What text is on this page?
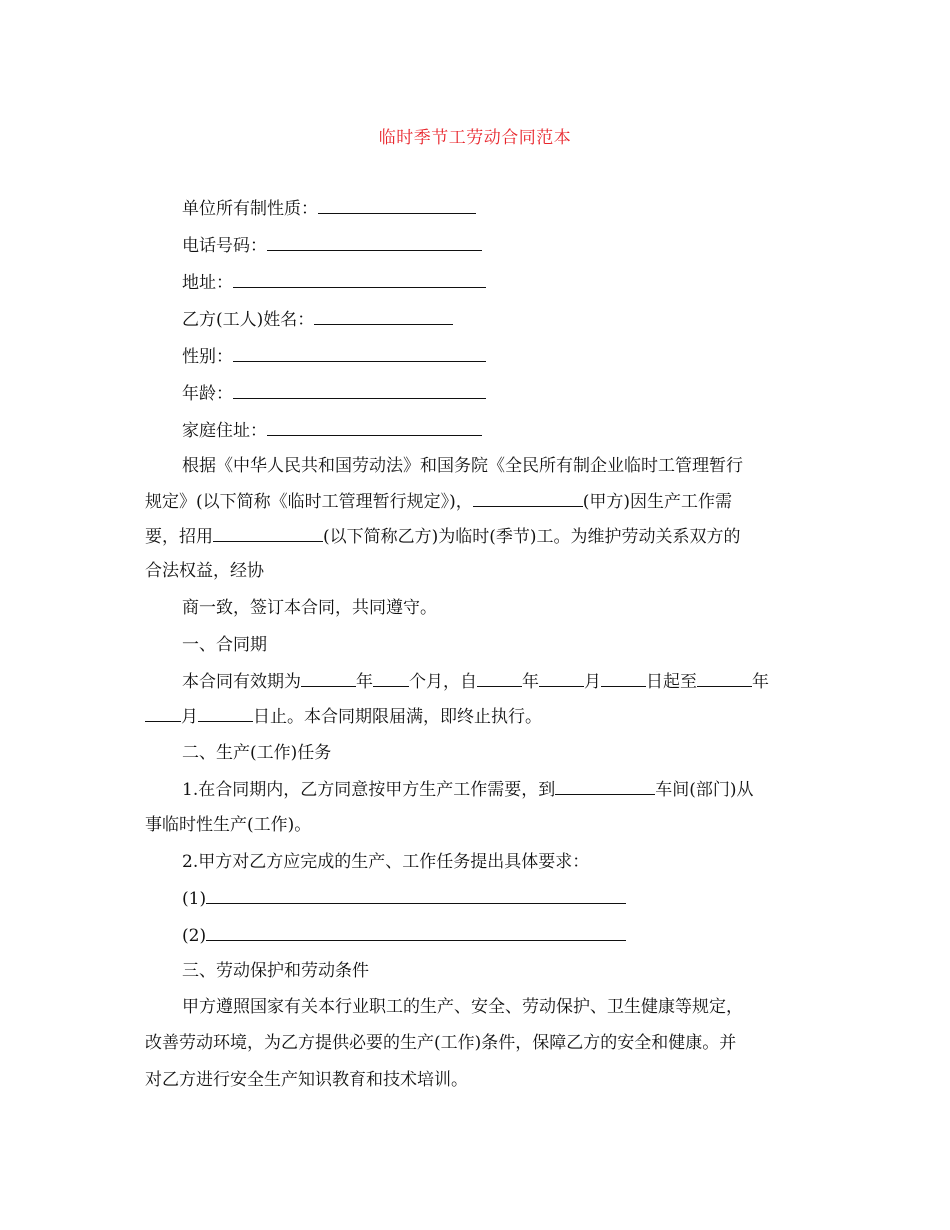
临时季节工劳动合同范本
单位所有制性质：
电话号码：
地址：
乙方(工人)姓名：
性别：
年龄：
家庭住址：
根据《中华人民共和国劳动法》和国务院《全民所有制企业临时工管理暂行
规定》(以下简称《临时工管理暂行规定》)，	(甲方)因生产工作需
要，招用	(以下简称乙方)为临时(季节)工。为维护劳动关系双方的
合法权益，经协
商一致，签订本合同，共同遵守。
一、合同期
本合同有效期为	年 个月，自	年	月	日起至	年
月	日止。本合同期限届满，即终止执行。
二、生产(工作)任务
1.在合同期内，乙方同意按甲方生产工作需要，到	车间(部门)从
事临时性生产(工作)。
2.甲方对乙方应完成的生产、工作任务提出具体要求：
(1)
(2)
三、劳动保护和劳动条件
甲方遵照国家有关本行业职工的生产、安全、劳动保护、卫生健康等规定，
改善劳动环境，为乙方提供必要的生产(工作)条件，保障乙方的安全和健康。并
对乙方进行安全生产知识教育和技术培训。
